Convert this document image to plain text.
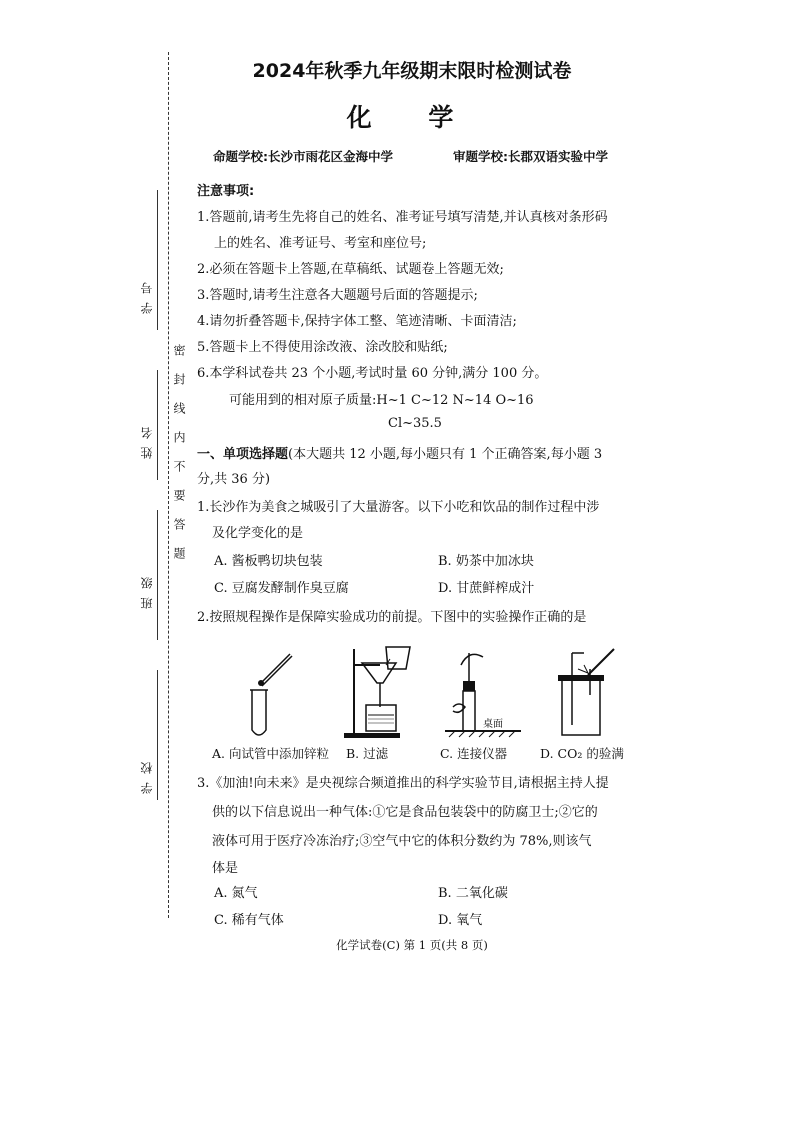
学 号
姓 名
班 级
学 校
密封线内不要答题
2024年秋季九年级期末限时检测试卷
化 学
命题学校:长沙市雨花区金海中学	审题学校:长郡双语实验中学
注意事项:
1.答题前,请考生先将自己的姓名、准考证号填写清楚,并认真核对条形码
上的姓名、准考证号、考室和座位号;
2.必须在答题卡上答题,在草稿纸、试题卷上答题无效;
3.答题时,请考生注意各大题题号后面的答题提示;
4.请勿折叠答题卡,保持字体工整、笔迹清晰、卡面清洁;
5.答题卡上不得使用涂改液、涂改胶和贴纸;
6.本学科试卷共 23 个小题,考试时量 60 分钟,满分 100 分。
可能用到的相对原子质量:H~1 C~12 N~14 O~16
Cl~35.5
一、单项选择题(本大题共 12 小题,每小题只有 1 个正确答案,每小题 3
分,共 36 分)
1.长沙作为美食之城吸引了大量游客。以下小吃和饮品的制作过程中涉
及化学变化的是
A. 酱板鸭切块包装	B. 奶茶中加冰块
C. 豆腐发酵制作臭豆腐	D. 甘蔗鲜榨成汁
2.按照规程操作是保障实验成功的前提。下图中的实验操作正确的是
桌面
A. 向试管中添加锌粒 B. 过滤	C. 连接仪器	D. CO₂ 的验满
3.《加油!向未来》是央视综合频道推出的科学实验节目,请根据主持人提
供的以下信息说出一种气体:①它是食品包装袋中的防腐卫士;②它的
液体可用于医疗冷冻治疗;③空气中它的体积分数约为 78%,则该气
体是
A. 氮气	B. 二氧化碳
C. 稀有气体	D. 氧气
化学试卷(C) 第 1 页(共 8 页)
